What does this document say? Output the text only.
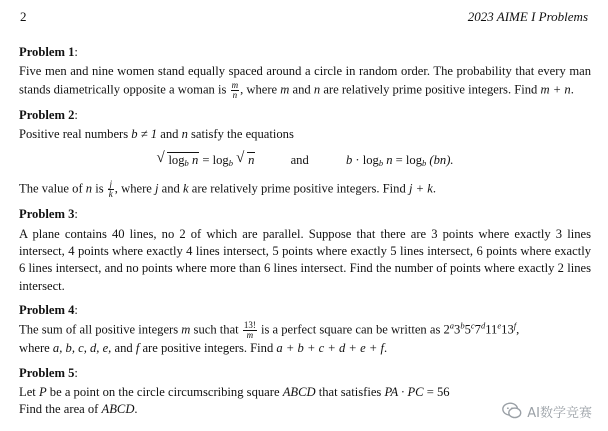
2	2023 AIME I Problems
Problem 1:

Five men and nine women stand equally spaced around a circle in random order. The probability that every man stands diametrically opposite a woman is $\frac{m}{n}$ , where m and n are relatively prime positive integers. Find m + n.

Problem 2:

Positive real numbers b ≠ 1 and n satisfy the equations

√ $\log_b n = \log_b$ √ n	and	$b \cdot \log_b n = \log_b (bn)$.

The value of n is $\frac{j}{k}$ , where j and k are relatively prime positive integers. Find j + k.

Problem 3:

A plane contains 40 lines, no 2 of which are parallel. Suppose that there are 3 points where exactly 3 lines intersect, 4 points where exactly 4 lines intersect, 5 points where exactly 5 lines intersect, 6 points where exactly 6 lines intersect, and no points where more than 6 lines intersect. Find the number of points where exactly 2 lines intersect.

Problem 4:

The sum of all positive integers m such that $\frac{13!}{m}$ is a perfect square can be written as 2$^a$3$^b$5$^c$7$^d$11e13$^f$,
where a, b, c, d, e, and f are positive integers. Find a + b + c + d + e + f.

Problem 5:

Let P be a point on the circle circumscribing square ABCD that satisfies PA · PC = 56
Find the area of ABCD.	AI数学竞赛
